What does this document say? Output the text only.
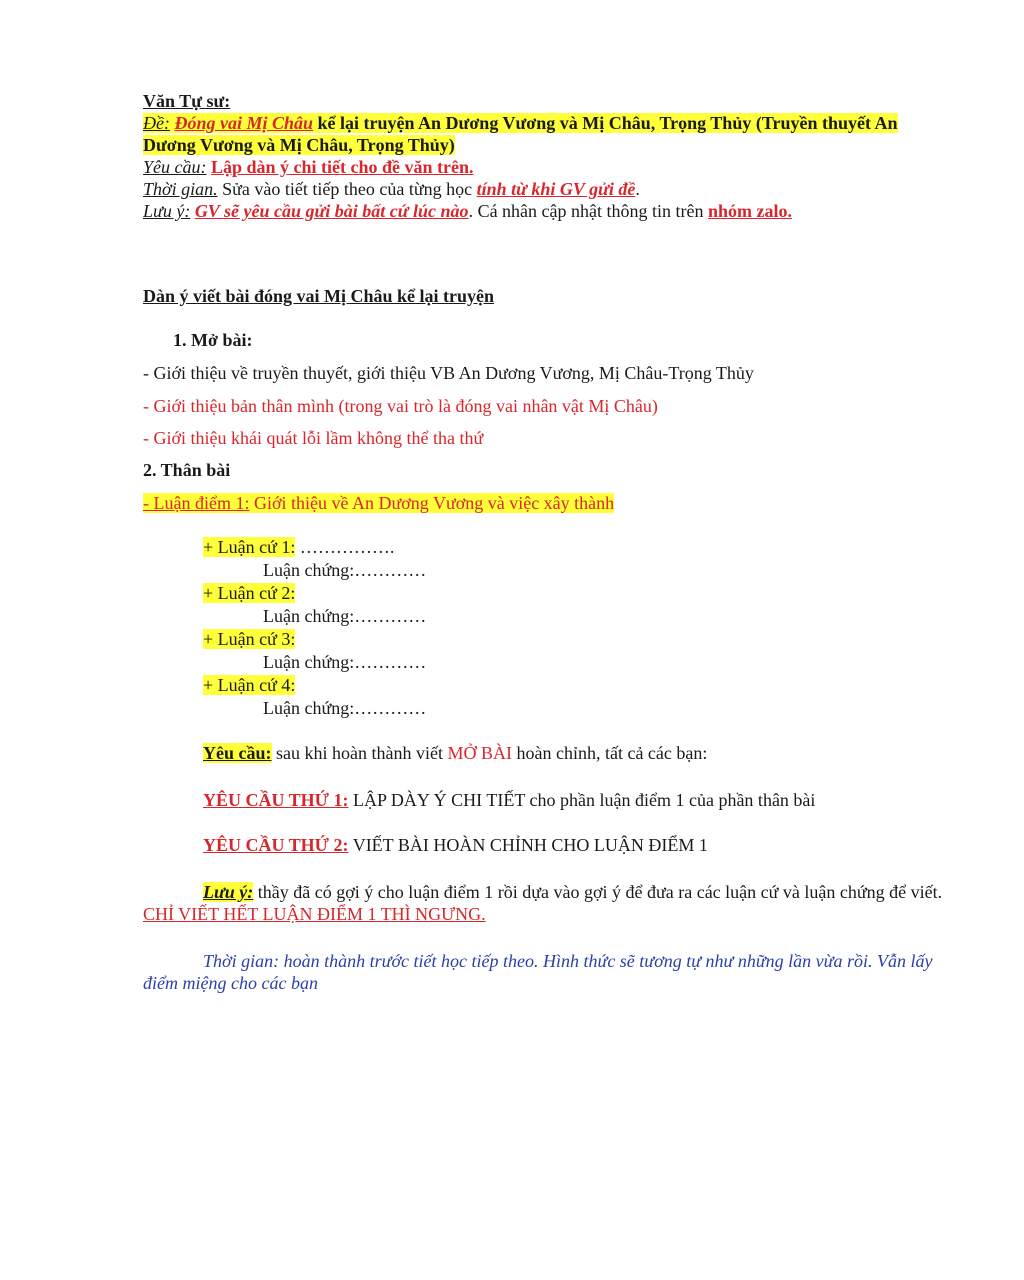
Văn Tự sư:
Đề: Đóng vai Mị Châu kể lại truyện An Dương Vương và Mị Châu, Trọng Thủy (Truyền thuyết An Dương Vương và Mị Châu, Trọng Thủy)
Yêu cầu: Lập dàn ý chi tiết cho đề văn trên.
Thời gian. Sửa vào tiết tiếp theo của từng học tính từ khi GV gửi đề.
Lưu ý: GV sẽ yêu cầu gửi bài bất cứ lúc nào. Cá nhân cập nhật thông tin trên nhóm zalo.
Dàn ý viết bài đóng vai Mị Châu kể lại truyện
1. Mở bài:
- Giới thiệu về truyền thuyết, giới thiệu VB An Dương Vương, Mị Châu-Trọng Thủy
- Giới thiệu bản thân mình (trong vai trò là đóng vai nhân vật Mị Châu)
- Giới thiệu khái quát lỗi lầm không thể tha thứ
2. Thân bài
- Luận điểm 1: Giới thiệu về An Dương Vương và việc xây thành
+ Luận cứ 1: …………….
Luận chứng:…………
+ Luận cứ 2:
Luận chứng:…………
+ Luận cứ 3:
Luận chứng:…………
+ Luận cứ 4:
Luận chứng:…………
Yêu cầu: sau khi hoàn thành viết MỞ BÀI hoàn chỉnh, tất cả các bạn:
YÊU CẦU THỨ 1: LẬP DÀY Ý CHI TIẾT cho phần luận điểm 1 của phần thân bài
YÊU CẦU THỨ 2: VIẾT BÀI HOÀN CHỈNH CHO LUẬN ĐIỂM 1
Lưu ý: thầy đã có gợi ý cho luận điểm 1 rồi dựa vào gợi ý để đưa ra các luận cứ và luận chứng để viết. CHỈ VIẾT HẾT LUẬN ĐIỂM 1 THÌ NGƯNG.
Thời gian: hoàn thành trước tiết học tiếp theo. Hình thức sẽ tương tự như những lần vừa rồi. Vẫn lấy điểm miệng cho các bạn
